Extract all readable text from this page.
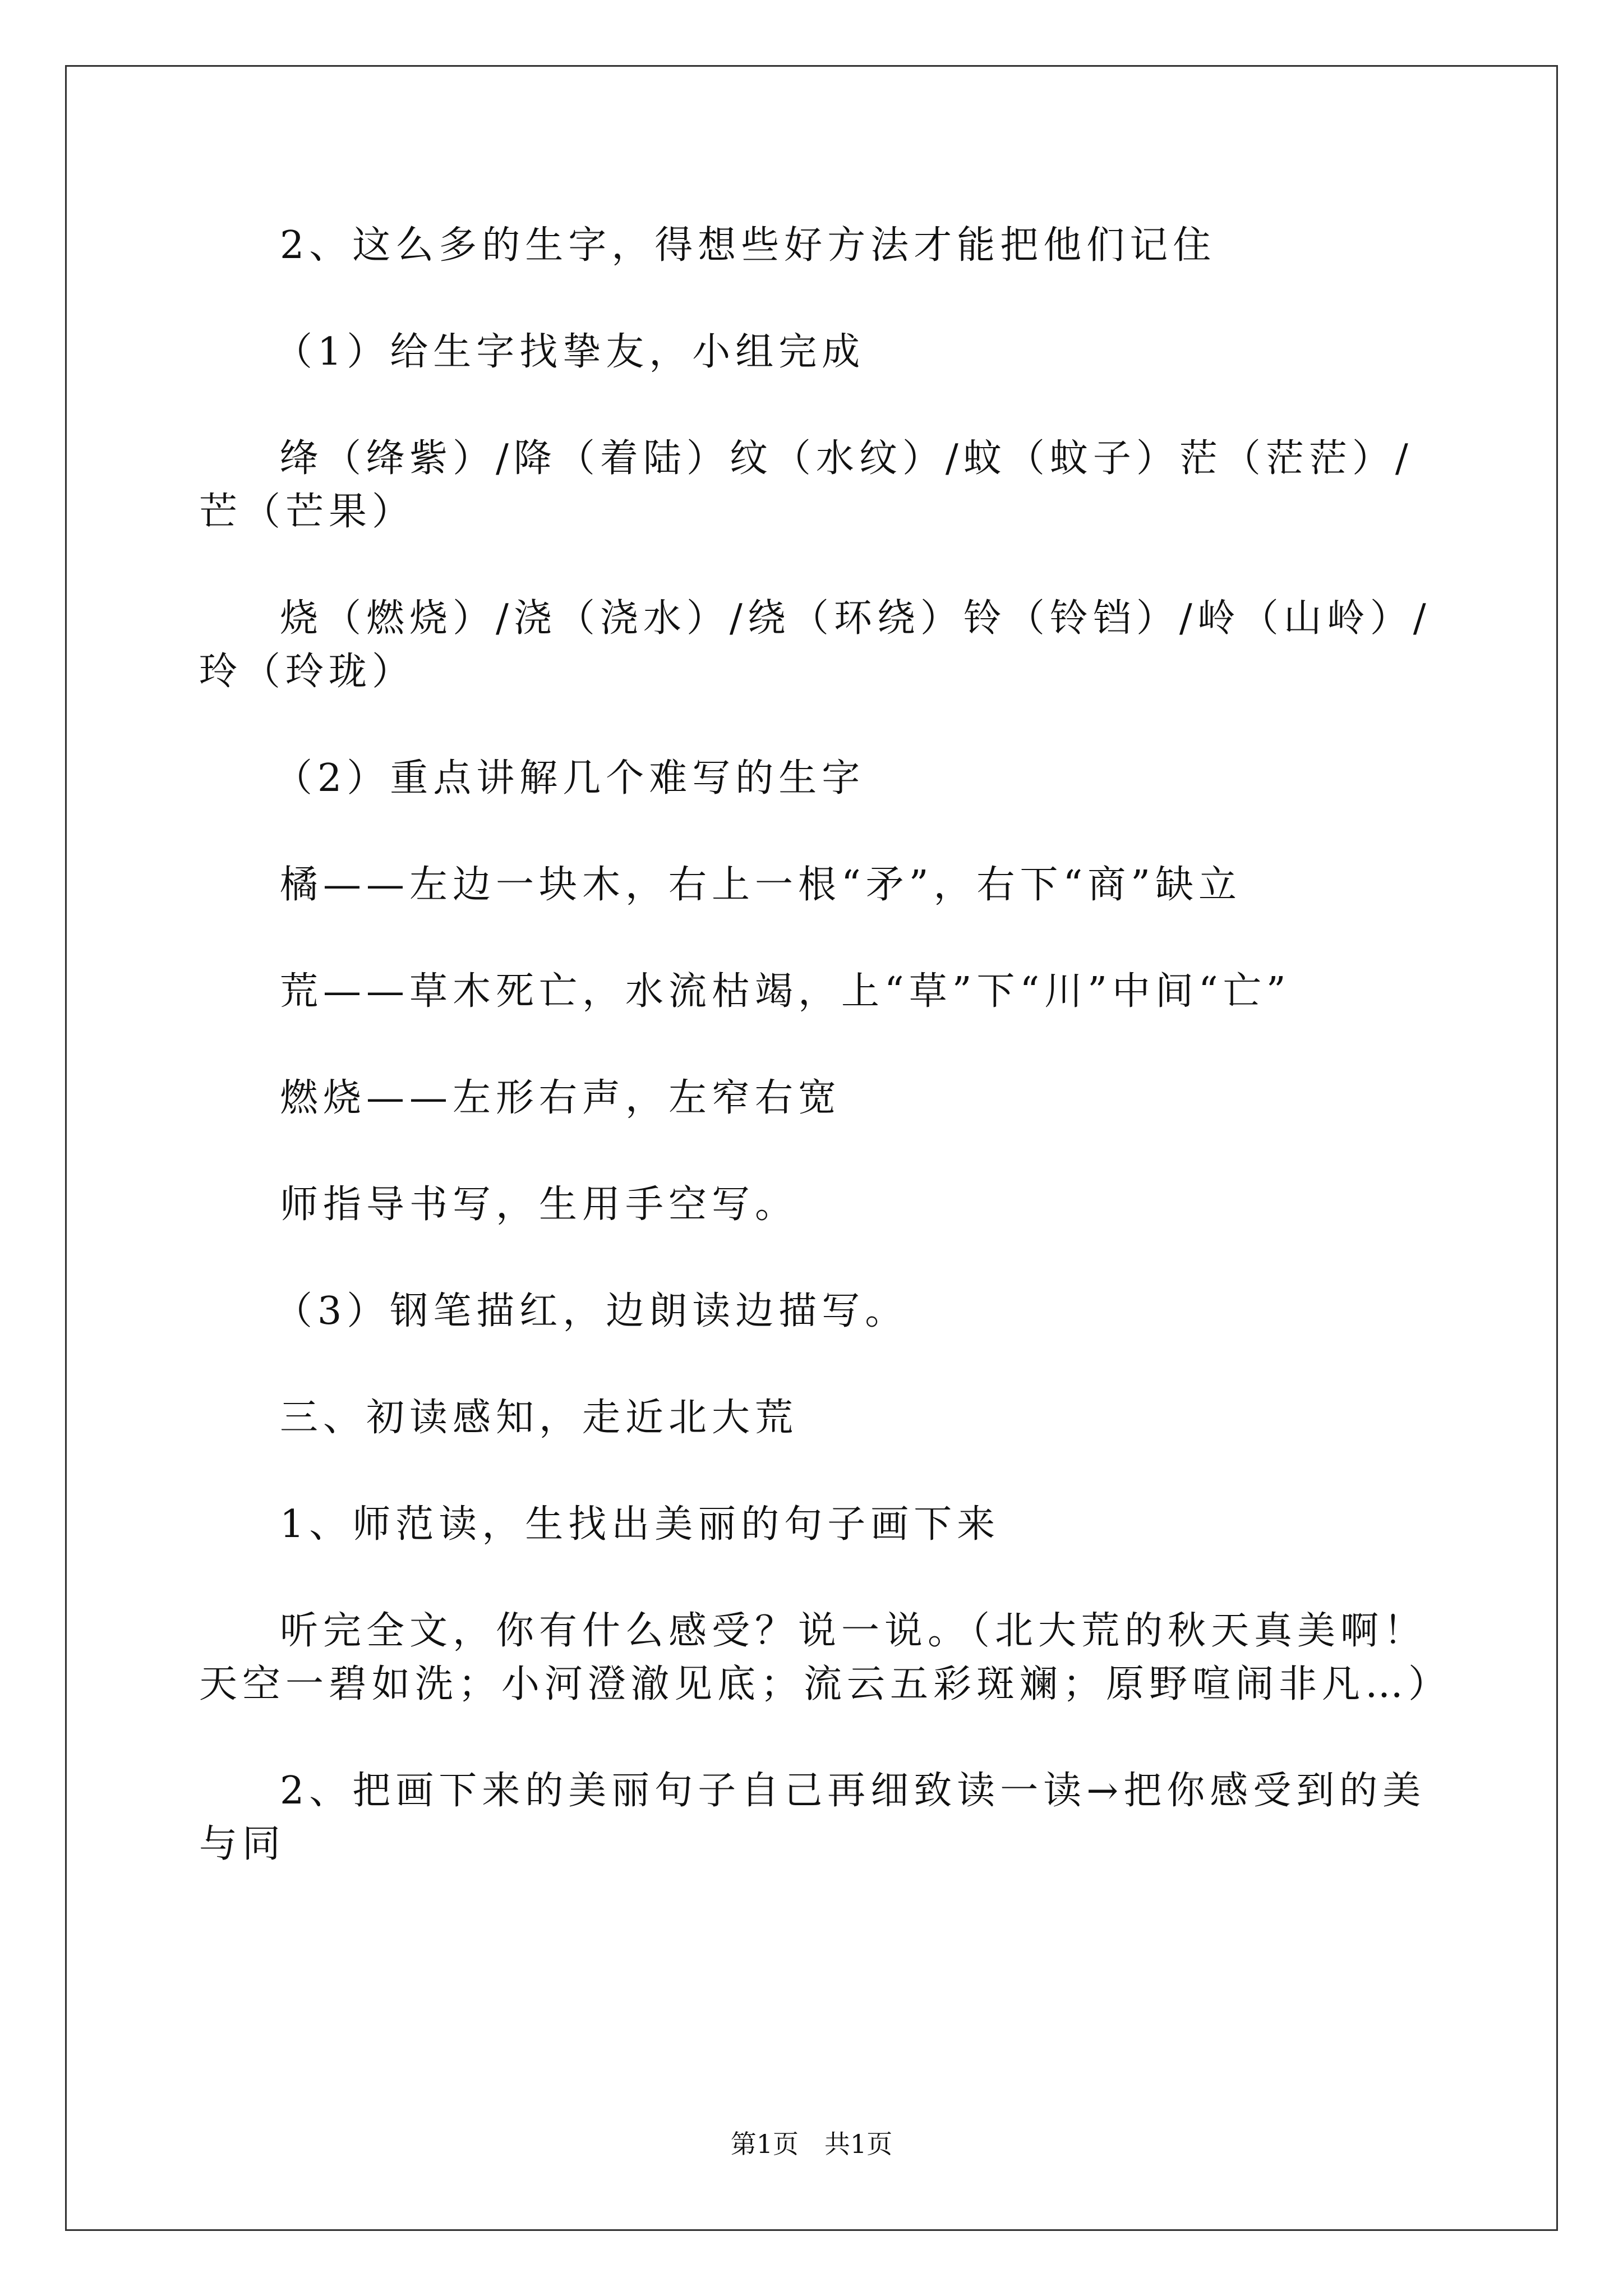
2、这么多的生字，得想些好方法才能把他们记住

（1）给生字找挚友，小组完成

绛（绛紫）/降（着陆）纹（水纹）/蚊（蚊子）茫（茫茫）/芒（芒果）

烧（燃烧）/浇（浇水）/绕（环绕）铃（铃铛）/岭（山岭）/玲（玲珑）

（2）重点讲解几个难写的生字

橘——左边一块木，右上一根“矛”，右下“商”缺立

荒——草木死亡，水流枯竭，上“草”下“川”中间“亡”

燃烧——左形右声，左窄右宽

师指导书写，生用手空写。

（3）钢笔描红，边朗读边描写。

三、初读感知，走近北大荒

1、师范读，生找出美丽的句子画下来

听完全文，你有什么感受？说一说。（北大荒的秋天真美啊！天空一碧如洗；小河澄澈见底；流云五彩斑斓；原野喧闹非凡…）

2、把画下来的美丽句子自己再细致读一读→把你感受到的美与同

第1页　共1页
